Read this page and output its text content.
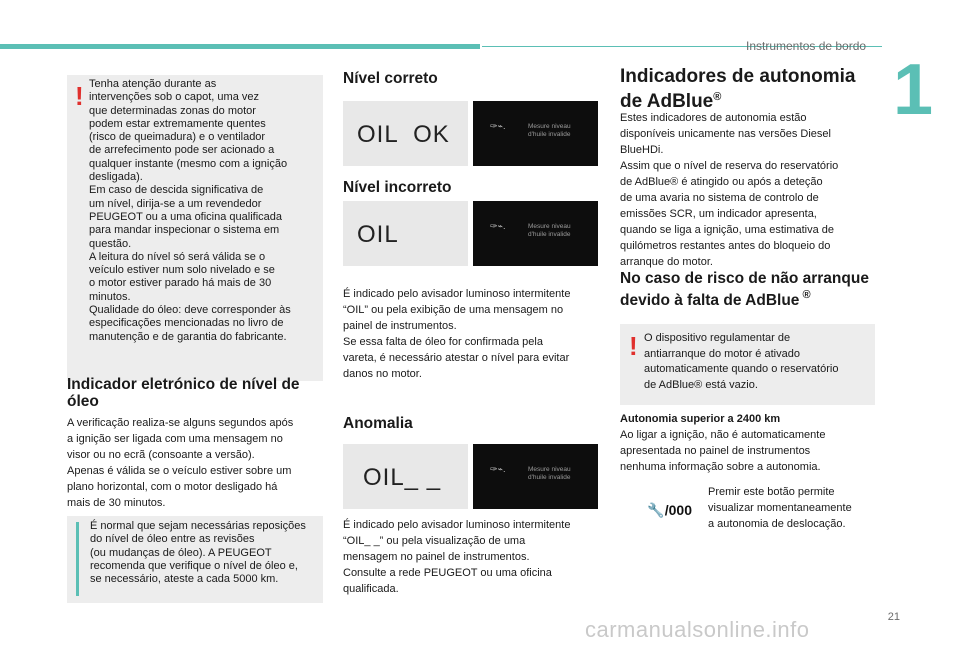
Instrumentos de bordo
1
21
carmanualsonline.info
! Tenha atenção durante as
intervenções sob o capot, uma vez
que determinadas zonas do motor
podem estar extremamente quentes
(risco de queimadura) e o ventilador
de arrefecimento pode ser acionado a
qualquer instante (mesmo com a ignição
desligada).
Em caso de descida significativa de
um nível, dirija-se a um revendedor
PEUGEOT ou a uma oficina qualificada
para mandar inspecionar o sistema em
questão.
A leitura do nível só será válida se o
veículo estiver num solo nivelado e se
o motor estiver parado há mais de 30
minutos.
Qualidade do óleo: deve corresponder às
especificações mencionadas no livro de
manutenção e de garantia do fabricante.
Indicador eletrónico de nível de óleo
A verificação realiza-se alguns segundos após
a ignição ser ligada com uma mensagem no
visor ou no ecrã (consoante a versão).
Apenas é válida se o veículo estiver sobre um
plano horizontal, com o motor desligado há
mais de 30 minutos.
É normal que sejam necessárias reposições
do nível de óleo entre as revisões
(ou mudanças de óleo). A PEUGEOT
recomenda que verifique o nível de óleo e,
se necessário, ateste a cada 5000 km.
Nível correto
OIL  OK	✑⌁.	Mesure niveau
d'huile invalide
Nível incorreto
OIL	✑⌁.	Mesure niveau
d'huile invalide
É indicado pelo avisador luminoso intermitente
“OIL” ou pela exibição de uma mensagem no
painel de instrumentos.
Se essa falta de óleo for confirmada pela
vareta, é necessário atestar o nível para evitar
danos no motor.
Anomalia
OIL_ _	✑⌁.	Mesure niveau
d'huile invalide
É indicado pelo avisador luminoso intermitente
“OIL_ _” ou pela visualização de uma
mensagem no painel de instrumentos.
Consulte a rede PEUGEOT ou uma oficina
qualificada.
Indicadores de autonomia de AdBlue®
Estes indicadores de autonomia estão
disponíveis unicamente nas versões Diesel
BlueHDi.
Assim que o nível de reserva do reservatório
de AdBlue® é atingido ou após a deteção
de uma avaria no sistema de controlo de
emissões SCR, um indicador apresenta,
quando se liga a ignição, uma estimativa de
quilómetros restantes antes do bloqueio do
arranque do motor.
No caso de risco de não arranque devido à falta de AdBlue ®
! O dispositivo regulamentar de
antiarranque do motor é ativado
automaticamente quando o reservatório
de AdBlue® está vazio.
Autonomia superior a 2400 km
Ao ligar a ignição, não é automaticamente
apresentada no painel de instrumentos
nenhuma informação sobre a autonomia.
🔧/000
Premir este botão permite
visualizar momentaneamente
a autonomia de deslocação.
